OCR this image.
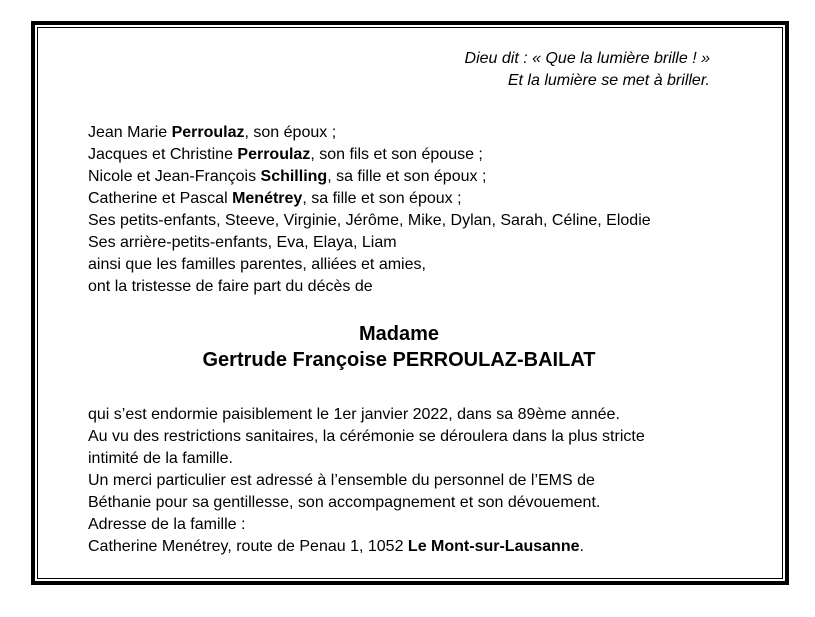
Dieu dit : « Que la lumière brille ! »
Et la lumière se met à briller.
Jean Marie Perroulaz, son époux ;
Jacques et Christine Perroulaz, son fils et son épouse ;
Nicole et Jean-François Schilling, sa fille et son époux ;
Catherine et Pascal Menétrey, sa fille et son époux ;
Ses petits-enfants, Steeve, Virginie, Jérôme, Mike, Dylan, Sarah, Céline, Elodie
Ses arrière-petits-enfants, Eva, Elaya, Liam
ainsi que les familles parentes, alliées et amies,
ont la tristesse de faire part du décès de
Madame
Gertrude Françoise PERROULAZ-BAILAT
qui s’est endormie paisiblement le 1er janvier 2022, dans sa 89ème année.
Au vu des restrictions sanitaires, la cérémonie se déroulera dans la plus stricte
intimité de la famille.
Un merci particulier est adressé à l’ensemble du personnel de l’EMS de
Béthanie pour sa gentillesse, son accompagnement et son dévouement.
Adresse de la famille :
Catherine Menétrey, route de Penau 1, 1052 Le Mont-sur-Lausanne.
